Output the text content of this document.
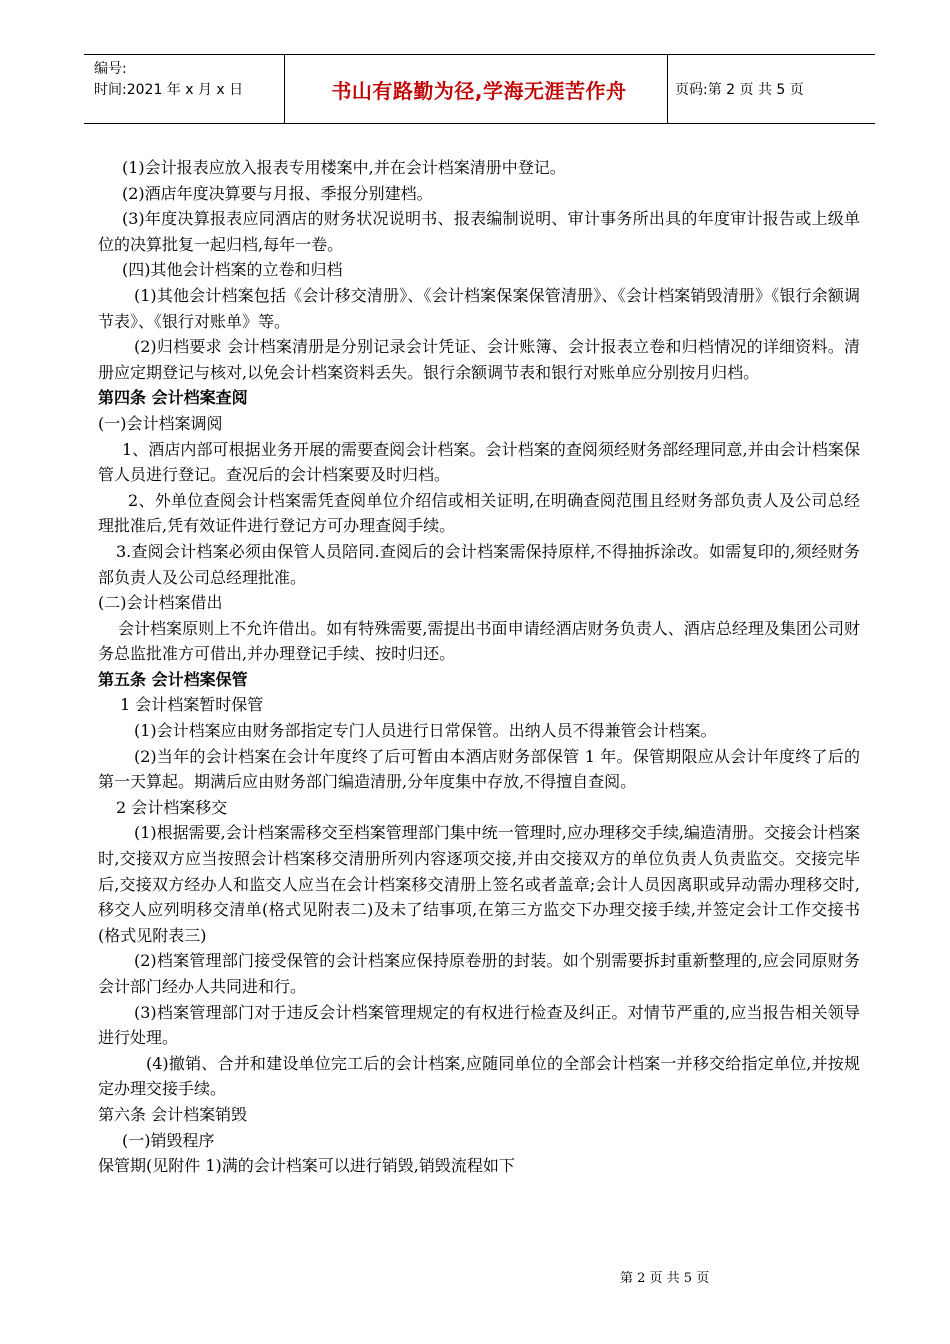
编号:
时间:2021 年 x 月 x 日	书山有路勤为径,学海无涯苦作舟	页码:第 2 页 共 5 页

(1)会计报表应放入报表专用楼案中,并在会计档案清册中登记。

(2)酒店年度决算要与月报、季报分别建档。

(3)年度决算报表应同酒店的财务状况说明书、报表编制说明、审计事务所出具的年度审计报告或上级单位的决算批复一起归档,每年一卷。

(四)其他会计档案的立卷和归档

(1)其他会计档案包括《会计移交清册》、《会计档案保案保管清册》、《会计档案销毁清册》《银行余额调节表》、《银行对账单》等。

(2)归档要求 会计档案清册是分别记录会计凭证、会计账簿、会计报表立卷和归档情况的详细资料。清册应定期登记与核对,以免会计档案资料丢失。银行余额调节表和银行对账单应分别按月归档。

第四条 会计档案查阅

(一)会计档案调阅

1、酒店内部可根据业务开展的需要查阅会计档案。会计档案的查阅须经财务部经理同意,并由会计档案保管人员进行登记。查况后的会计档案要及时归档。

2、外单位查阅会计档案需凭查阅单位介绍信或相关证明,在明确查阅范围且经财务部负责人及公司总经理批准后,凭有效证件进行登记方可办理查阅手续。

3.查阅会计档案必须由保管人员陪同.查阅后的会计档案需保持原样,不得抽拆涂改。如需复印的,须经财务部负责人及公司总经理批准。

(二)会计档案借出

会计档案原则上不允许借出。如有特殊需要,需提出书面申请经酒店财务负责人、酒店总经理及集团公司财务总监批准方可借出,并办理登记手续、按时归还。

第五条 会计档案保管

1 会计档案暂时保管

(1)会计档案应由财务部指定专门人员进行日常保管。出纳人员不得兼管会计档案。

(2)当年的会计档案在会计年度终了后可暂由本酒店财务部保管 1 年。保管期限应从会计年度终了后的第一天算起。期满后应由财务部门编造清册,分年度集中存放,不得擅自查阅。

2 会计档案移交

(1)根据需要,会计档案需移交至档案管理部门集中统一管理时,应办理移交手续,编造清册。交接会计档案时,交接双方应当按照会计档案移交清册所列内容逐项交接,并由交接双方的单位负责人负责监交。交接完毕后,交接双方经办人和监交人应当在会计档案移交清册上签名或者盖章;会计人员因离职或异动需办理移交时,移交人应列明移交清单(格式见附表二)及未了结事项,在第三方监交下办理交接手续,并签定会计工作交接书(格式见附表三)

(2)档案管理部门接受保管的会计档案应保持原卷册的封装。如个别需要拆封重新整理的,应会同原财务会计部门经办人共同进和行。

(3)档案管理部门对于违反会计档案管理规定的有权进行检查及纠正。对情节严重的,应当报告相关领导进行处理。

(4)撤销、合并和建设单位完工后的会计档案,应随同单位的全部会计档案一并移交给指定单位,并按规定办理交接手续。

第六条 会计档案销毁

(一)销毁程序

保管期(见附件 1)满的会计档案可以进行销毁,销毁流程如下

第 2 页 共 5 页
